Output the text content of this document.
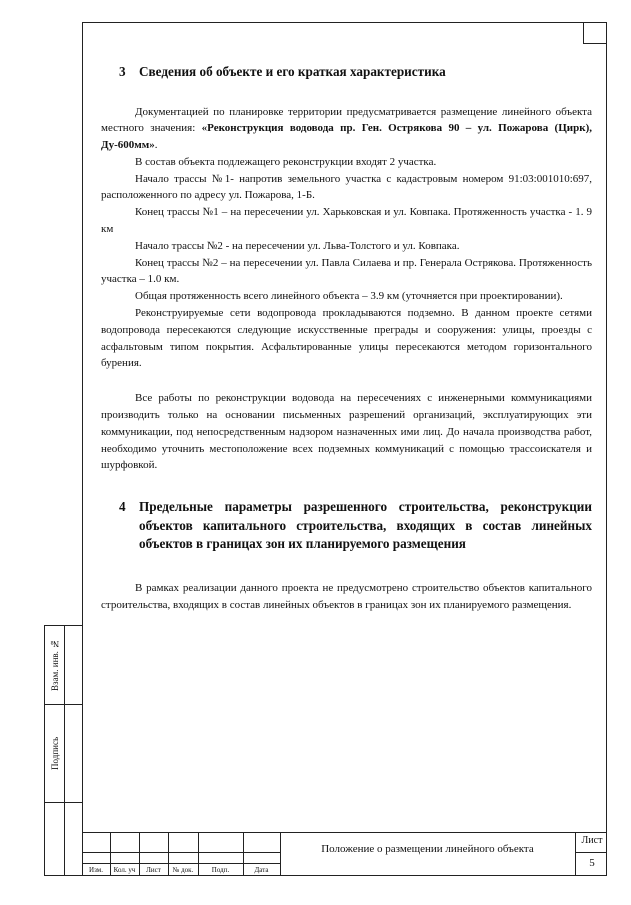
3	Сведения об объекте и его краткая характеристика

Документацией по планировке территории предусматривается размещение линейного объекта местного значения: «Реконструкция водовода пр. Ген. Острякова 90 – ул. Пожарова (Цирк), Ду-600мм».

В состав объекта подлежащего реконструкции входят 2 участка.

Начало трассы №1- напротив земельного участка с кадастровым номером 91:03:001010:697, расположенного по адресу ул. Пожарова, 1-Б.

Конец трассы №1 – на пересечении ул. Харьковская и ул. Ковпака. Протяженность участка - 1. 9 км

Начало трассы №2 - на пересечении ул. Льва-Толстого и ул. Ковпака.

Конец трассы №2 – на пересечении ул. Павла Силаева и пр. Генерала Острякова. Протяженность участка – 1.0 км.

Общая протяженность всего линейного объекта – 3.9 км (уточняется при проектировании).

Реконструируемые сети водопровода прокладываются подземно. В данном проекте сетями водопровода пересекаются следующие искусственные преграды и сооружения: улицы, проезды с асфальтовым типом покрытия. Асфальтированные улицы пересекаются методом горизонтального бурения.

Все работы по реконструкции водовода на пересечениях с инженерными коммуникациями производить только на основании письменных разрешений организаций, эксплуатирующих эти коммуникации, под непосредственным надзором назначенных ими лиц. До начала производства работ, необходимо уточнить местоположение всех подземных коммуникаций с помощью трассоискателя и шурфовкой.

4	Предельные параметры разрешенного строительства, реконструкции объектов капитального строительства, входящих в состав линейных объектов в границах зон их планируемого размещения

В рамках реализации данного проекта не предусмотрено строительство объектов капитального строительства, входящих в состав линейных объектов в границах зон их планируемого размещения.

Взам. инв. №
Подпись
Изм.	Кол. уч	Лист	№ док.	Подп.	Дата
Положение о размещении линейного объекта
Лист
5
